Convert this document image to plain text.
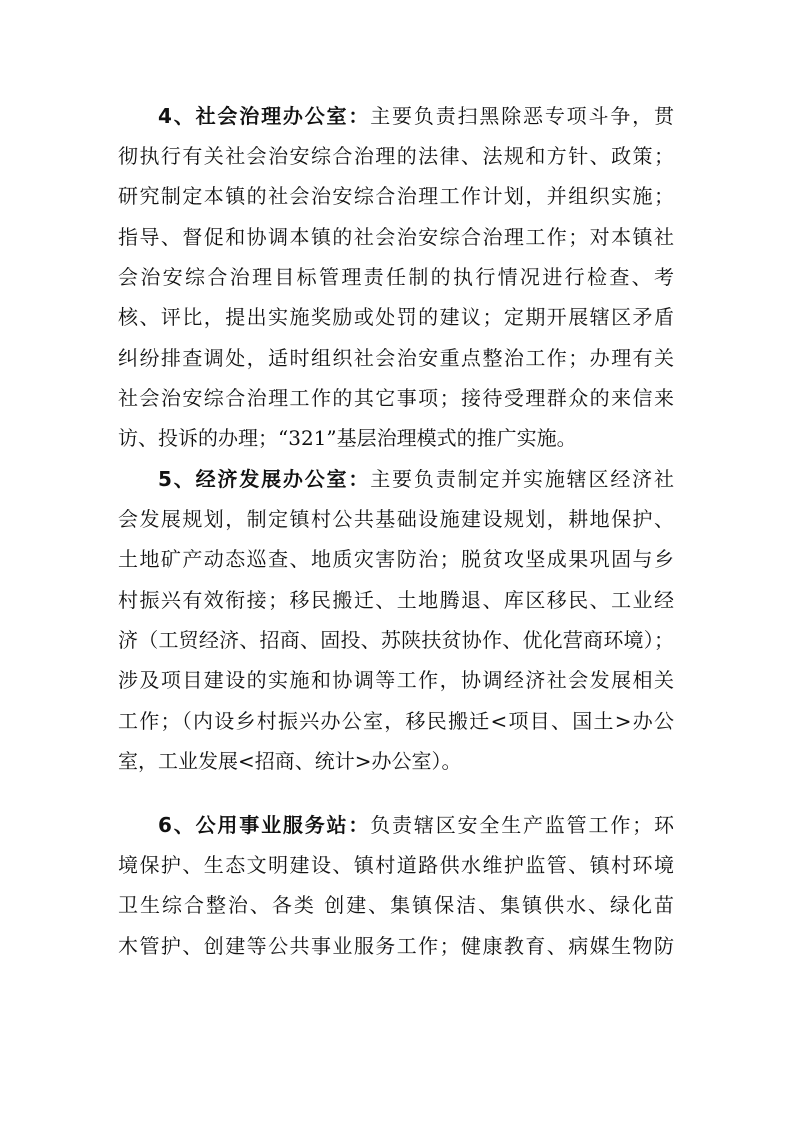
4、社会治理办公室：主要负责扫黑除恶专项斗争，贯
彻执行有关社会治安综合治理的法律、法规和方针、政策；
研究制定本镇的社会治安综合治理工作计划，并组织实施；
指导、督促和协调本镇的社会治安综合治理工作；对本镇社
会治安综合治理目标管理责任制的执行情况进行检查、考
核、评比，提出实施奖励或处罚的建议；定期开展辖区矛盾
纠纷排查调处，适时组织社会治安重点整治工作；办理有关
社会治安综合治理工作的其它事项；接待受理群众的来信来
访、投诉的办理；“321”基层治理模式的推广实施。
5、经济发展办公室：主要负责制定并实施辖区经济社
会发展规划，制定镇村公共基础设施建设规划，耕地保护、
土地矿产动态巡查、地质灾害防治；脱贫攻坚成果巩固与乡
村振兴有效衔接；移民搬迁、土地腾退、库区移民、工业经
济（工贸经济、招商、固投、苏陕扶贫协作、优化营商环境）；
涉及项目建设的实施和协调等工作，协调经济社会发展相关
工作；（内设乡村振兴办公室，移民搬迁<项目、国土>办公
室，工业发展<招商、统计>办公室）。
6、公用事业服务站：负责辖区安全生产监管工作；环
境保护、生态文明建设、镇村道路供水维护监管、镇村环境
卫生综合整治、各类 创建、集镇保洁、集镇供水、绿化苗
木管护、创建等公共事业服务工作；健康教育、病媒生物防
